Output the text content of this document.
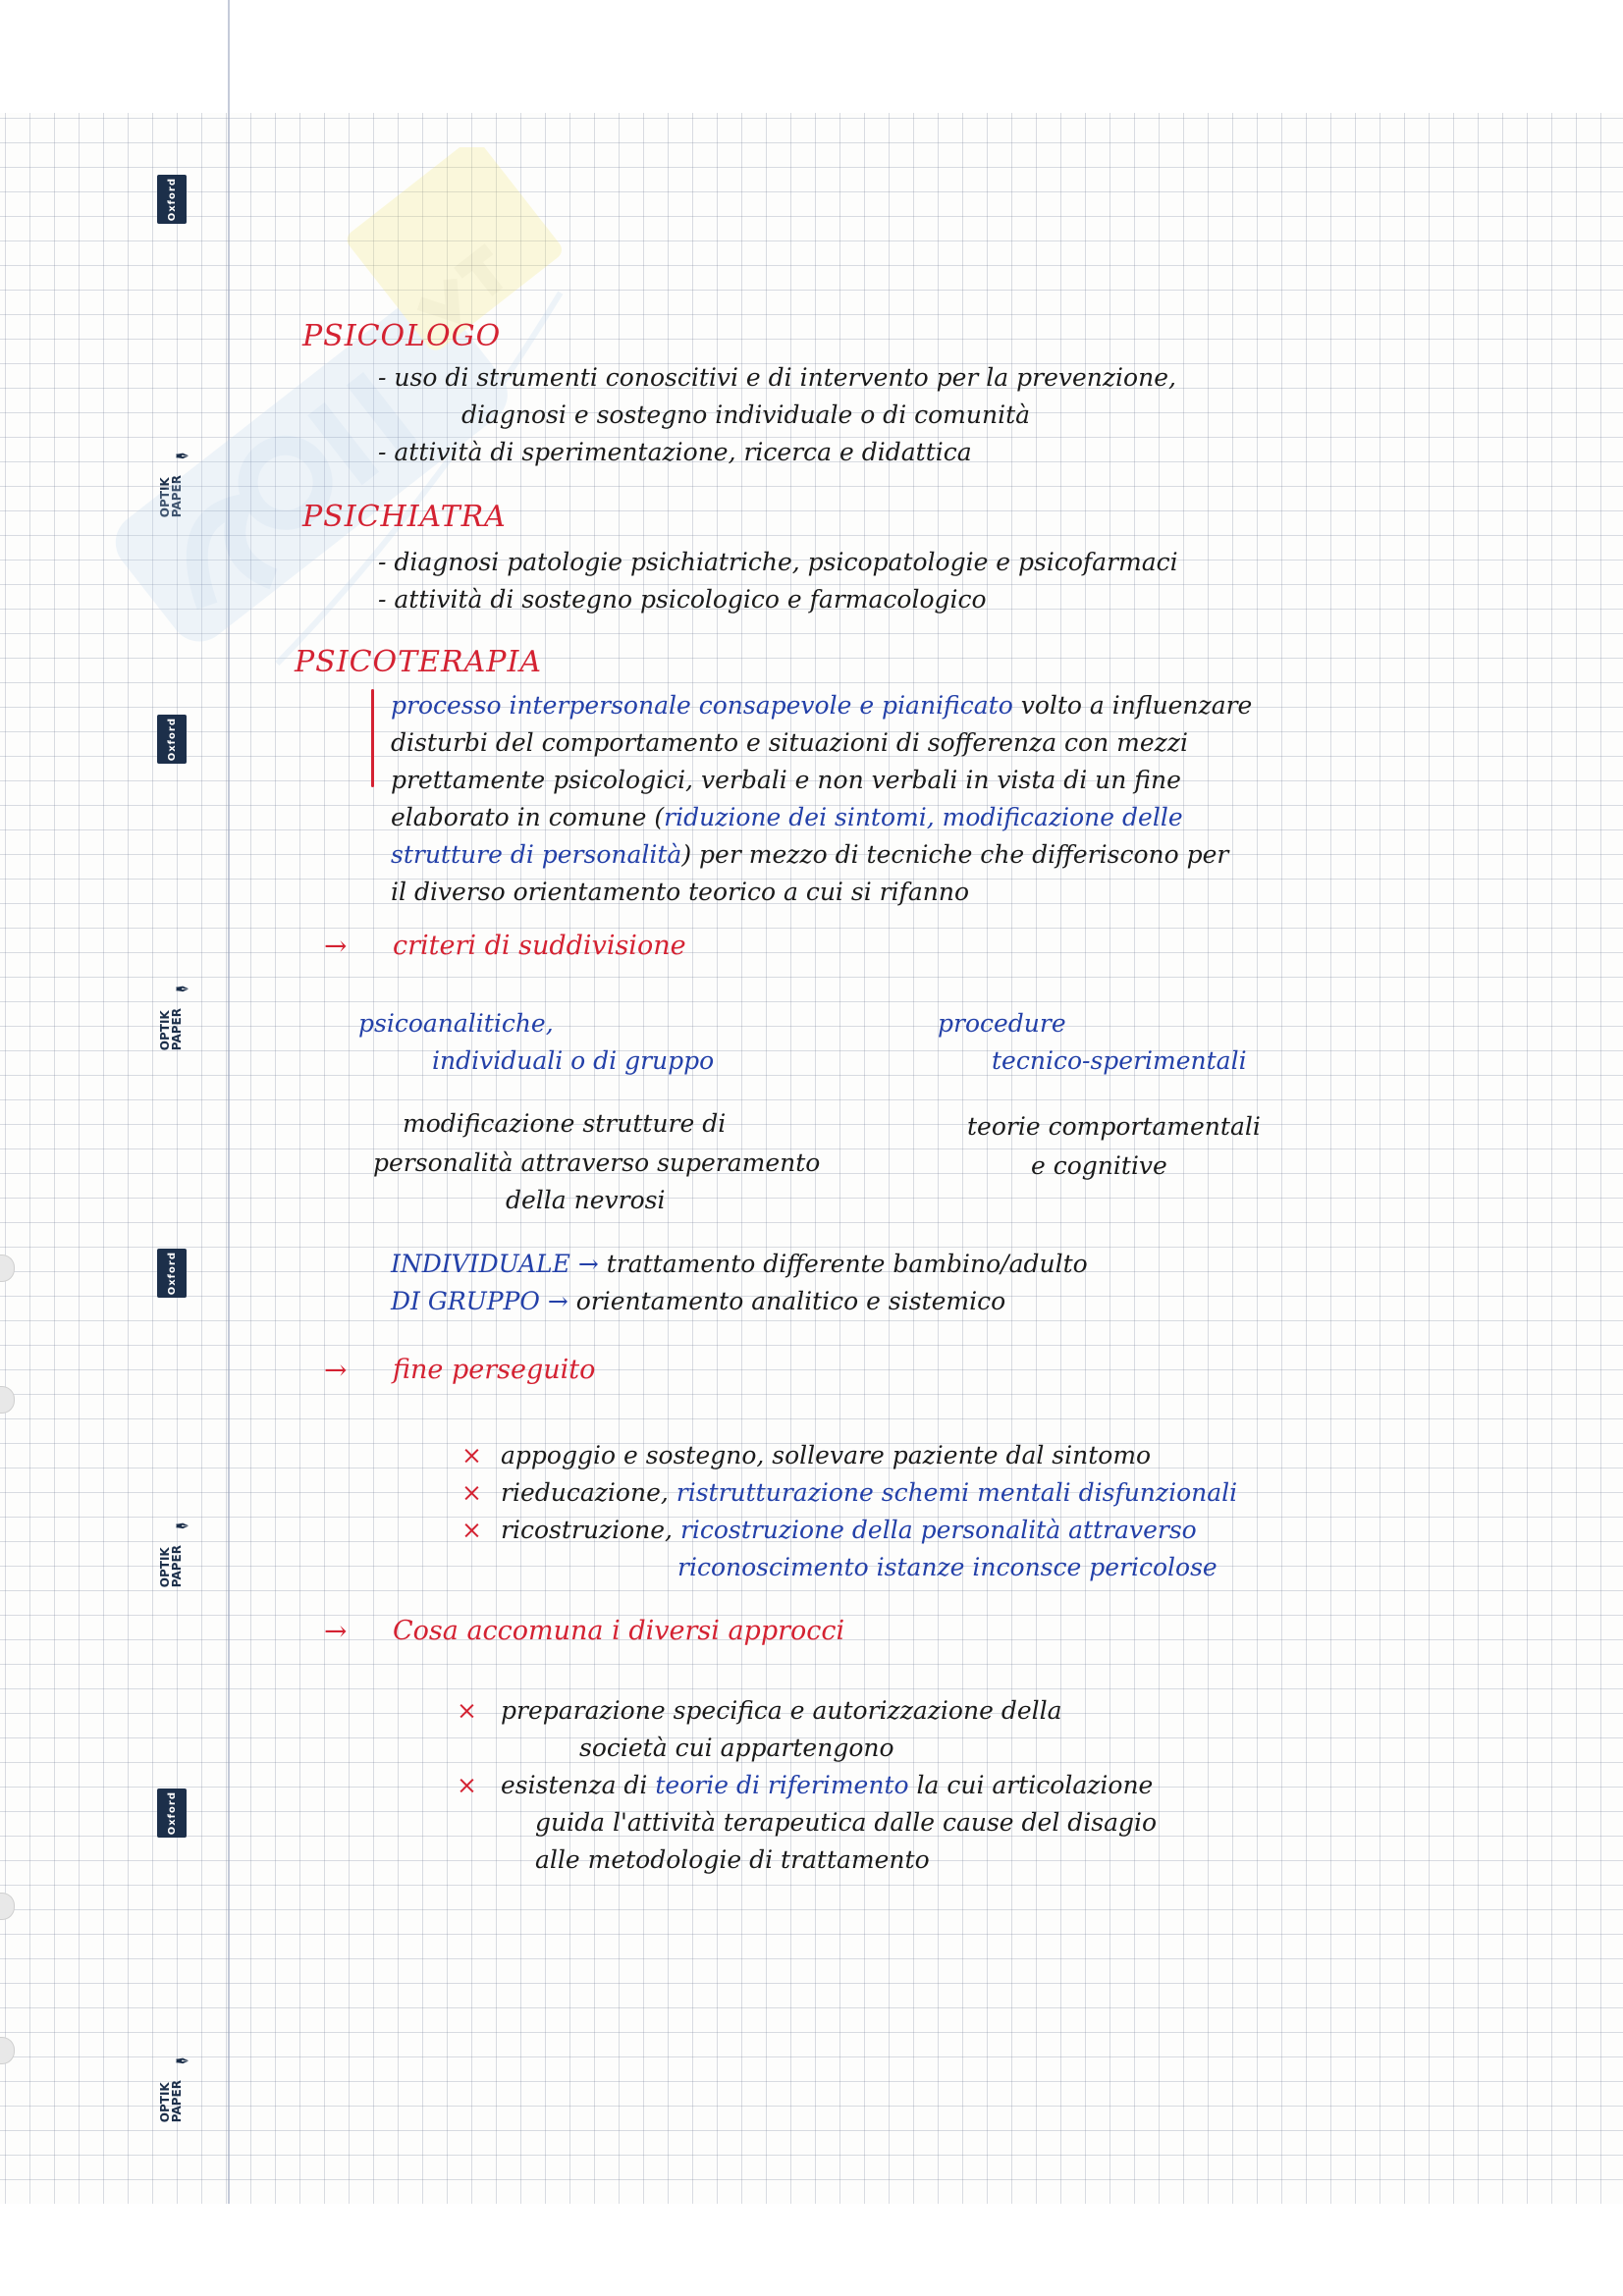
Oxford
✒
OPTIK
PAPER
Oxford
✒
OPTIK
PAPER
Oxford
✒
OPTIK
PAPER
Oxford
✒
OPTIK
PAPER
PSICOLOGO
- uso di strumenti conoscitivi e di intervento per la prevenzione,
diagnosi e sostegno individuale o di comunità
- attività di sperimentazione, ricerca e didattica
PSICHIATRA
- diagnosi patologie psichiatriche, psicopatologie e psicofarmaci
- attività di sostegno psicologico e farmacologico
PSICOTERAPIA
processo interpersonale consapevole e pianificato volto a influenzare
disturbi del comportamento e situazioni di sofferenza con mezzi
prettamente psicologici, verbali e non verbali in vista di un fine
elaborato in comune (riduzione dei sintomi, modificazione delle
strutture di personalità) per mezzo di tecniche che differiscono per
il diverso orientamento teorico a cui si rifanno
→ criteri di suddivisione
psicoanalitiche,
individuali o di gruppo
procedure
tecnico-sperimentali
modificazione strutture di
personalità attraverso superamento
della nevrosi
teorie comportamentali
e cognitive
INDIVIDUALE → trattamento differente bambino/adulto
DI GRUPPO → orientamento analitico e sistemico
→ fine perseguito
× appoggio e sostegno, sollevare paziente dal sintomo
× rieducazione, ristrutturazione schemi mentali disfunzionali
× ricostruzione, ricostruzione della personalità attraverso
riconoscimento istanze inconsce pericolose
→ Cosa accomuna i diversi approcci
× preparazione specifica e autorizzazione della
società cui appartengono
× esistenza di teorie di riferimento la cui articolazione
guida l'attività terapeutica dalle cause del disagio
alle metodologie di trattamento
